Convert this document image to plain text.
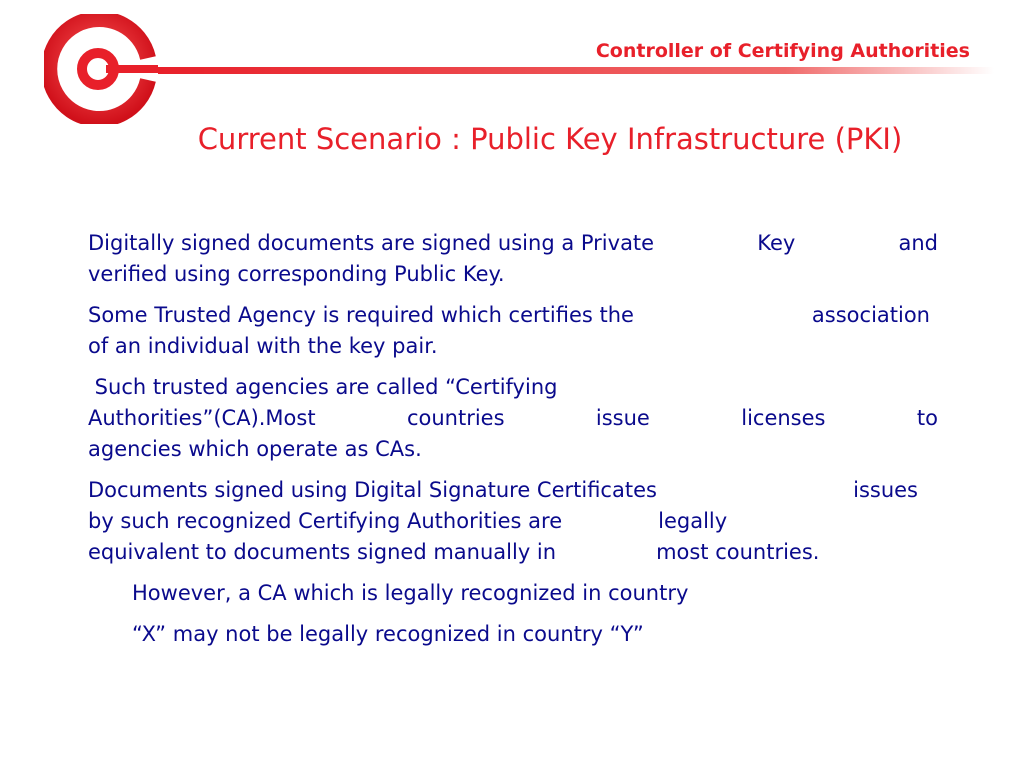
Controller of Certifying Authorities
Current Scenario : Public Key Infrastructure (PKI)
Digitally signed documents are signed using a Private	Key	and
verified using corresponding Public Key.
Some Trusted Agency is required which certifies the	association
of an individual with the key pair.
Such trusted agencies are called “Certifying
Authorities”(CA).Most	countries	issue	licenses	to
agencies which operate as CAs.
Documents signed using Digital Signature Certificates	issues
by such recognized Certifying Authorities are	legally
equivalent to documents signed manually in	most countries.
However, a CA which is legally recognized in country
“X” may not be legally recognized in country “Y”
